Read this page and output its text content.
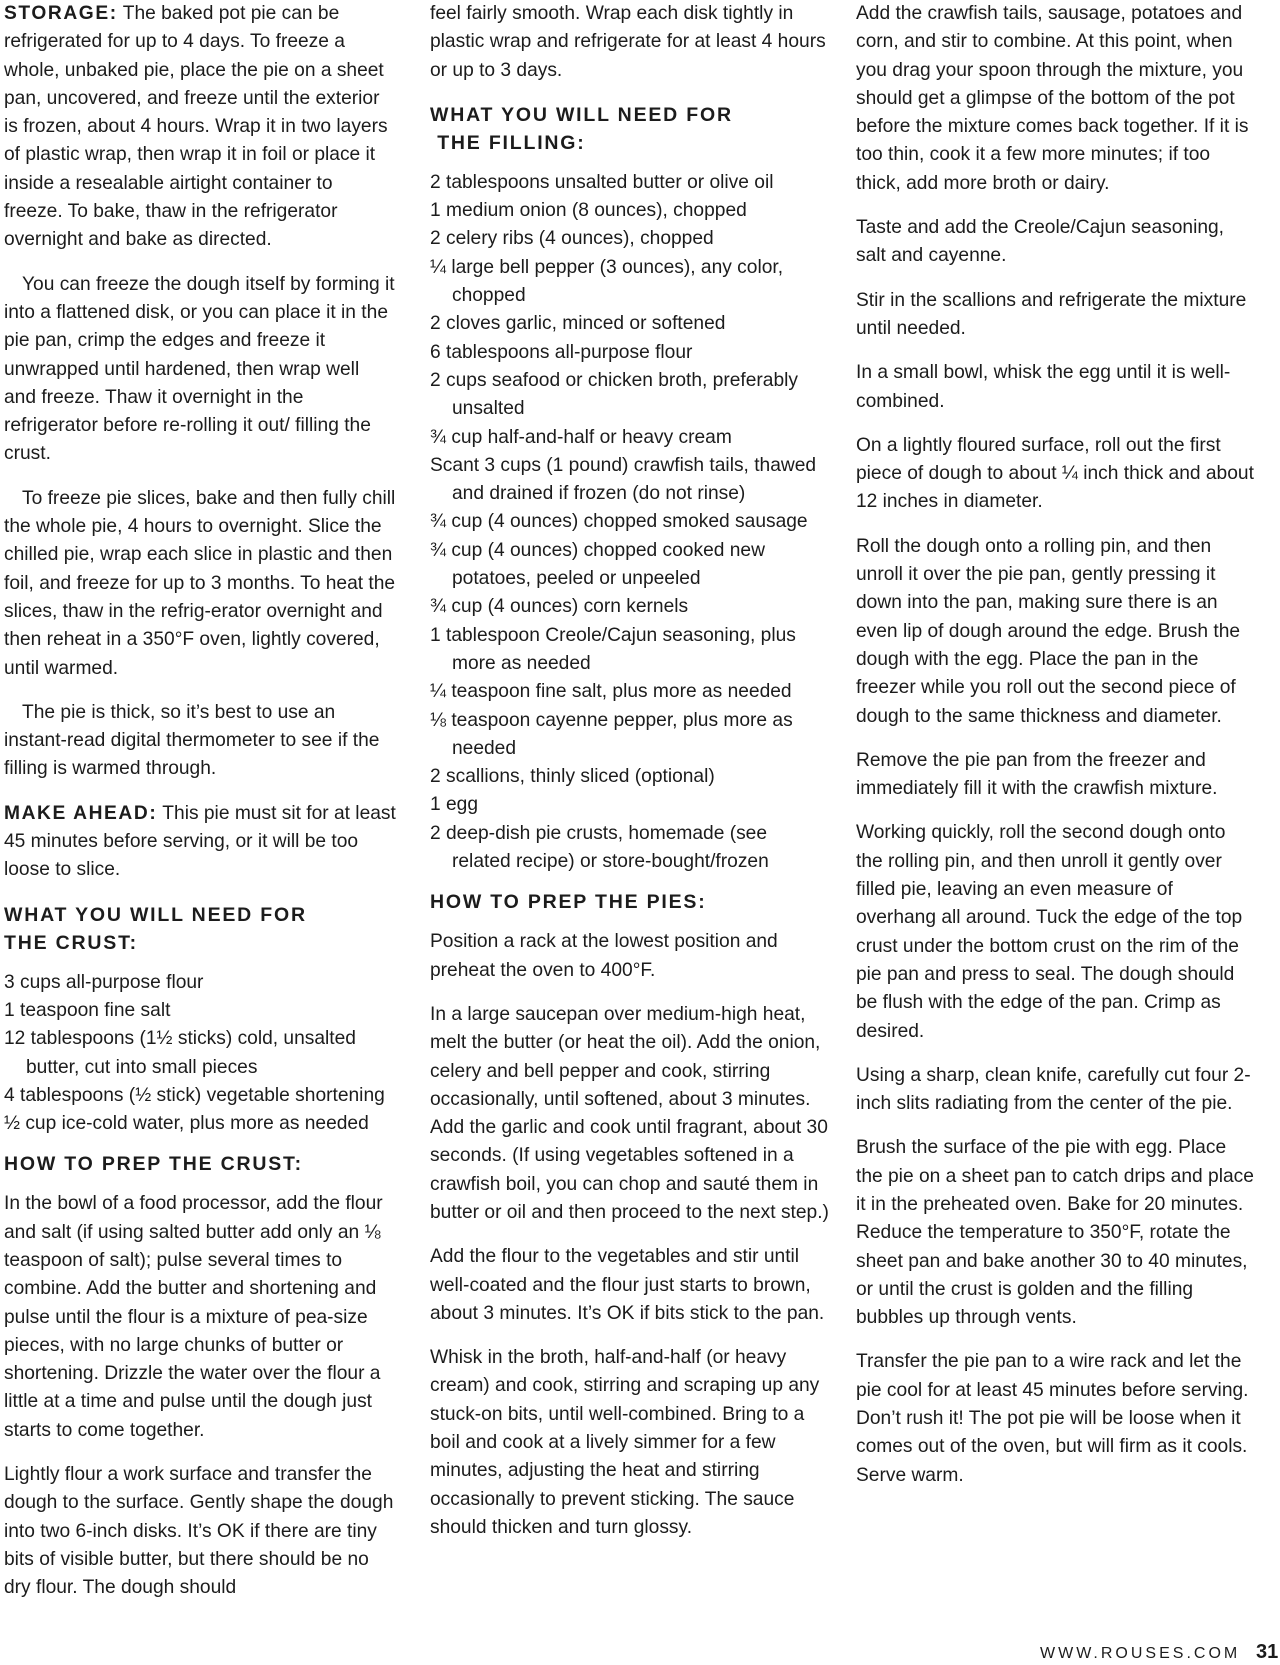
STORAGE: The baked pot pie can be refrigerated for up to 4 days. To freeze a whole, unbaked pie, place the pie on a sheet pan, uncovered, and freeze until the exterior is frozen, about 4 hours. Wrap it in two layers of plastic wrap, then wrap it in foil or place it inside a resealable airtight container to freeze. To bake, thaw in the refrigerator overnight and bake as directed.

You can freeze the dough itself by forming it into a flattened disk, or you can place it in the pie pan, crimp the edges and freeze it unwrapped until hardened, then wrap well and freeze. Thaw it overnight in the refrigerator before re-rolling it out/ filling the crust.

To freeze pie slices, bake and then fully chill the whole pie, 4 hours to overnight. Slice the chilled pie, wrap each slice in plastic and then foil, and freeze for up to 3 months. To heat the slices, thaw in the refrig-erator overnight and then reheat in a 350°F oven, lightly covered, until warmed.

The pie is thick, so it’s best to use an instant-read digital thermometer to see if the filling is warmed through.

MAKE AHEAD: This pie must sit for at least 45 minutes before serving, or it will be too loose to slice.

WHAT YOU WILL NEED FOR
THE CRUST:
3 cups all-purpose flour
1 teaspoon fine salt
12 tablespoons (1½ sticks) cold, unsalted butter, cut into small pieces
4 tablespoons (½ stick) vegetable shortening
½ cup ice-cold water, plus more as needed
HOW TO PREP THE CRUST:

In the bowl of a food processor, add the flour and salt (if using salted butter add only an ⅛ teaspoon of salt); pulse several times to combine. Add the butter and shortening and pulse until the flour is a mixture of pea-size pieces, with no large chunks of butter or shortening. Drizzle the water over the flour a little at a time and pulse until the dough just starts to come together.

Lightly flour a work surface and transfer the dough to the surface. Gently shape the dough into two 6-inch disks. It’s OK if there are tiny bits of visible butter, but there should be no dry flour. The dough should

feel fairly smooth. Wrap each disk tightly in plastic wrap and refrigerate for at least 4 hours or up to 3 days.

WHAT YOU WILL NEED FOR
THE FILLING:
2 tablespoons unsalted butter or olive oil
1 medium onion (8 ounces), chopped
2 celery ribs (4 ounces), chopped
¼ large bell pepper (3 ounces), any color, chopped
2 cloves garlic, minced or softened
6 tablespoons all-purpose flour
2 cups seafood or chicken broth, preferably unsalted
¾ cup half-and-half or heavy cream
Scant 3 cups (1 pound) crawfish tails, thawed and drained if frozen (do not rinse)
¾ cup (4 ounces) chopped smoked sausage
¾ cup (4 ounces) chopped cooked new potatoes, peeled or unpeeled
¾ cup (4 ounces) corn kernels
1 tablespoon Creole/Cajun seasoning, plus more as needed
¼ teaspoon fine salt, plus more as needed
⅛ teaspoon cayenne pepper, plus more as needed
2 scallions, thinly sliced (optional)
1 egg
2 deep-dish pie crusts, homemade (see related recipe) or store-bought/frozen
HOW TO PREP THE PIES:

Position a rack at the lowest position and preheat the oven to 400°F.

In a large saucepan over medium-high heat, melt the butter (or heat the oil). Add the onion, celery and bell pepper and cook, stirring occasionally, until softened, about 3 minutes. Add the garlic and cook until fragrant, about 30 seconds. (If using vegetables softened in a crawfish boil, you can chop and sauté them in butter or oil and then proceed to the next step.)

Add the flour to the vegetables and stir until well-coated and the flour just starts to brown, about 3 minutes. It’s OK if bits stick to the pan.

Whisk in the broth, half-and-half (or heavy cream) and cook, stirring and scraping up any stuck-on bits, until well-combined. Bring to a boil and cook at a lively simmer for a few minutes, adjusting the heat and stirring occasionally to prevent sticking. The sauce should thicken and turn glossy.

Add the crawfish tails, sausage, potatoes and corn, and stir to combine. At this point, when you drag your spoon through the mixture, you should get a glimpse of the bottom of the pot before the mixture comes back together. If it is too thin, cook it a few more minutes; if too thick, add more broth or dairy.

Taste and add the Creole/Cajun seasoning, salt and cayenne.

Stir in the scallions and refrigerate the mixture until needed.

In a small bowl, whisk the egg until it is well-combined.

On a lightly floured surface, roll out the first piece of dough to about ¼ inch thick and about 12 inches in diameter.

Roll the dough onto a rolling pin, and then unroll it over the pie pan, gently pressing it down into the pan, making sure there is an even lip of dough around the edge. Brush the dough with the egg. Place the pan in the freezer while you roll out the second piece of dough to the same thickness and diameter.

Remove the pie pan from the freezer and immediately fill it with the crawfish mixture.

Working quickly, roll the second dough onto the rolling pin, and then unroll it gently over filled pie, leaving an even measure of overhang all around. Tuck the edge of the top crust under the bottom crust on the rim of the pie pan and press to seal. The dough should be flush with the edge of the pan. Crimp as desired.

Using a sharp, clean knife, carefully cut four 2-inch slits radiating from the center of the pie.

Brush the surface of the pie with egg. Place the pie on a sheet pan to catch drips and place it in the preheated oven. Bake for 20 minutes. Reduce the temperature to 350°F, rotate the sheet pan and bake another 30 to 40 minutes, or until the crust is golden and the filling bubbles up through vents.

Transfer the pie pan to a wire rack and let the pie cool for at least 45 minutes before serving. Don’t rush it! The pot pie will be loose when it comes out of the oven, but will firm as it cools. Serve warm.

WWW.ROUSES.COM 31
